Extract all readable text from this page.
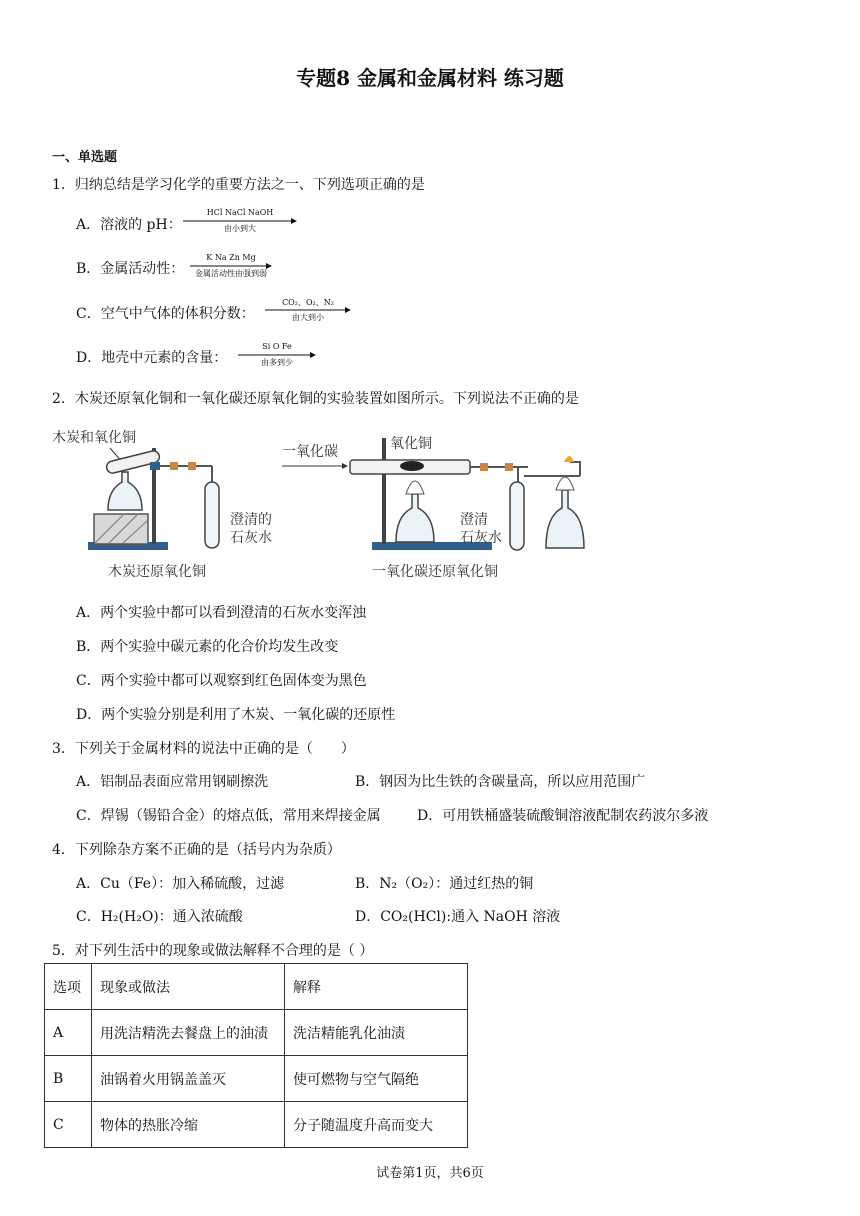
专题8 金属和金属材料 练习题
一、单选题
1．归纳总结是学习化学的重要方法之一、下列选项正确的是
A．溶液的 pH：
HCl NaCl NaOH
由小到大
B．金属活动性：
K Na Zn Mg
金属活动性由强到弱
C．空气中气体的体积分数：
CO₂、O₂、N₂
由大到小
D．地壳中元素的含量：
Si O Fe
由多到少
2．木炭还原氧化铜和一氧化碳还原氧化铜的实验装置如图所示。下列说法不正确的是
木炭和氧化铜
澄清的
石灰水
木炭还原氧化铜
一氧化碳	氧化铜
澄清
石灰水
一氧化碳还原氧化铜
A．两个实验中都可以看到澄清的石灰水变浑浊
B．两个实验中碳元素的化合价均发生改变
C．两个实验中都可以观察到红色固体变为黑色
D．两个实验分别是利用了木炭、一氧化碳的还原性
3．下列关于金属材料的说法中正确的是（　　）
A．铝制品表面应常用钢刷擦洗	B．钢因为比生铁的含碳量高，所以应用范围广
C．焊锡（锡铅合金）的熔点低，常用来焊接金属	D．可用铁桶盛装硫酸铜溶液配制农药波尔多液
4．下列除杂方案不正确的是（括号内为杂质）
A．Cu（Fe）：加入稀硫酸，过滤	B．N₂（O₂）：通过红热的铜
C．H₂(H₂O)：通入浓硫酸	D．CO₂(HCl):通入 NaOH 溶液
5．对下列生活中的现象或做法解释不合理的是（ ）
选项	现象或做法	解释
A	用洗洁精洗去餐盘上的油渍	洗洁精能乳化油渍
B	油锅着火用锅盖盖灭	使可燃物与空气隔绝
C	物体的热胀冷缩	分子随温度升高而变大
试卷第1页，共6页
